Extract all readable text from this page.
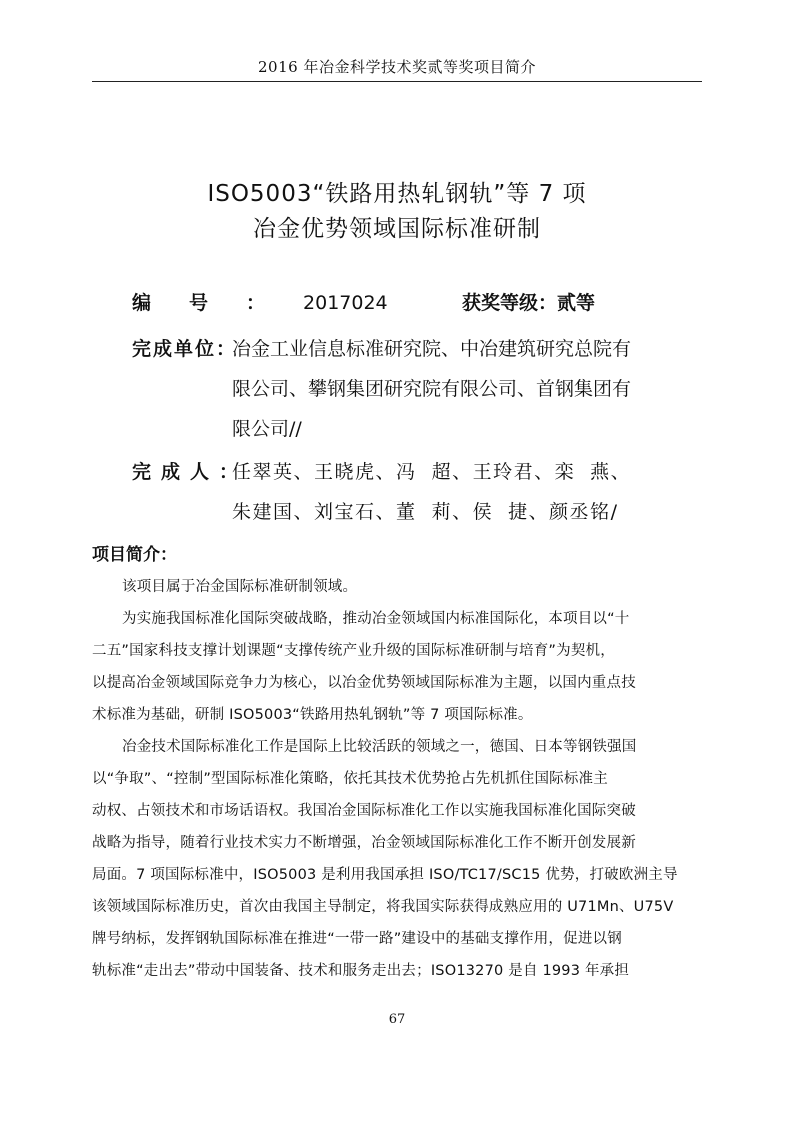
2016 年冶金科学技术奖贰等奖项目简介
ISO5003“铁路用热轧钢轨”等 7 项
冶金优势领域国际标准研制
编号：2017024	获奖等级：贰等
完成单位：
冶金工业信息标准研究院、中冶建筑研究总院有
限公司、攀钢集团研究院有限公司、首钢集团有
限公司//
完成人：
任翠英、王晓虎、冯  超、王玲君、栾  燕、
朱建国、刘宝石、董  莉、侯  捷、颜丞铭/
项目简介：
该项目属于冶金国际标准研制领域。
为实施我国标准化国际突破战略，推动冶金领域国内标准国际化，本项目以“十
二五”国家科技支撑计划课题“支撑传统产业升级的国际标准研制与培育”为契机，
以提高冶金领域国际竞争力为核心，以冶金优势领域国际标准为主题，以国内重点技
术标准为基础，研制 ISO5003“铁路用热轧钢轨”等 7 项国际标准。
冶金技术国际标准化工作是国际上比较活跃的领域之一，德国、日本等钢铁强国
以“争取”、“控制”型国际标准化策略，依托其技术优势抢占先机抓住国际标准主
动权、占领技术和市场话语权。我国冶金国际标准化工作以实施我国标准化国际突破
战略为指导，随着行业技术实力不断增强，冶金领域国际标准化工作不断开创发展新
局面。7 项国际标准中，ISO5003 是利用我国承担 ISO/TC17/SC15 优势，打破欧洲主导
该领域国际标准历史，首次由我国主导制定，将我国实际获得成熟应用的 U71Mn、U75V
牌号纳标，发挥钢轨国际标准在推进“一带一路”建设中的基础支撑作用，促进以钢
轨标准“走出去”带动中国装备、技术和服务走出去；ISO13270 是自 1993 年承担
67
